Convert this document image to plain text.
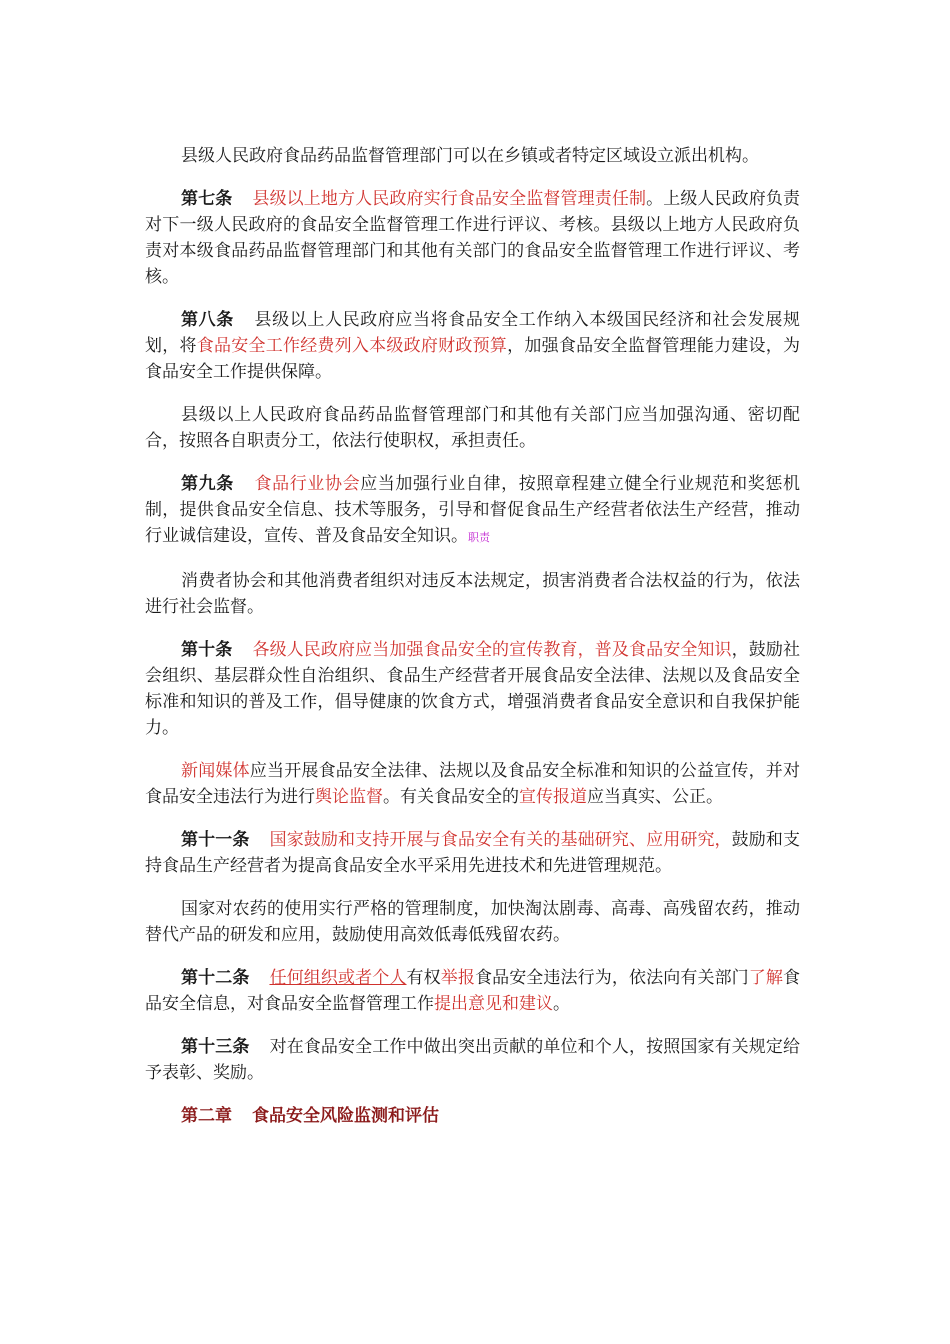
县级人民政府食品药品监督管理部门可以在乡镇或者特定区域设立派出机构。

第七条 县级以上地方人民政府实行食品安全监督管理责任制。上级人民政府负责对下一级人民政府的食品安全监督管理工作进行评议、考核。县级以上地方人民政府负责对本级食品药品监督管理部门和其他有关部门的食品安全监督管理工作进行评议、考核。

第八条 县级以上人民政府应当将食品安全工作纳入本级国民经济和社会发展规划，将食品安全工作经费列入本级政府财政预算，加强食品安全监督管理能力建设，为食品安全工作提供保障。

县级以上人民政府食品药品监督管理部门和其他有关部门应当加强沟通、密切配合，按照各自职责分工，依法行使职权，承担责任。

第九条 食品行业协会应当加强行业自律，按照章程建立健全行业规范和奖惩机制，提供食品安全信息、技术等服务，引导和督促食品生产经营者依法生产经营，推动行业诚信建设，宣传、普及食品安全知识。职责

消费者协会和其他消费者组织对违反本法规定，损害消费者合法权益的行为，依法进行社会监督。

第十条 各级人民政府应当加强食品安全的宣传教育，普及食品安全知识，鼓励社会组织、基层群众性自治组织、食品生产经营者开展食品安全法律、法规以及食品安全标准和知识的普及工作，倡导健康的饮食方式，增强消费者食品安全意识和自我保护能力。

新闻媒体应当开展食品安全法律、法规以及食品安全标准和知识的公益宣传，并对食品安全违法行为进行舆论监督。有关食品安全的宣传报道应当真实、公正。

第十一条 国家鼓励和支持开展与食品安全有关的基础研究、应用研究，鼓励和支持食品生产经营者为提高食品安全水平采用先进技术和先进管理规范。

国家对农药的使用实行严格的管理制度，加快淘汰剧毒、高毒、高残留农药，推动替代产品的研发和应用，鼓励使用高效低毒低残留农药。

第十二条 任何组织或者个人有权举报食品安全违法行为，依法向有关部门了解食品安全信息，对食品安全监督管理工作提出意见和建议。

第十三条 对在食品安全工作中做出突出贡献的单位和个人，按照国家有关规定给予表彰、奖励。

第二章 食品安全风险监测和评估
